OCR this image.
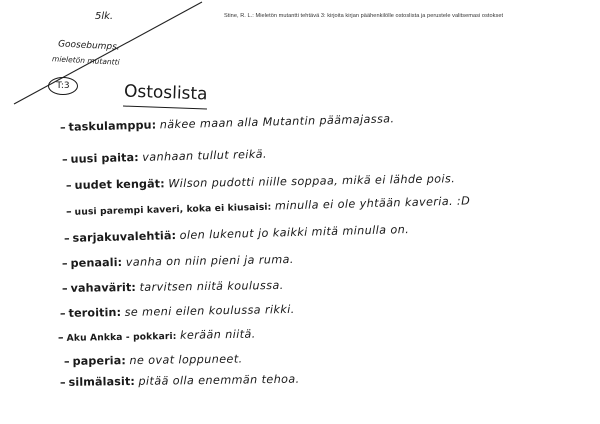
Stine, R. L.: Mieletön mutantti tehtävä 3: kirjoita kirjan päähenkilölle ostoslista ja perustele valitsemasi ostokset
5lk.
Goosebumps.
mieletön mutantti
T:3	Ostoslista
– taskulamppu: näkee maan alla Mutantin päämajassa.
– uusi paita: vanhaan tullut reikä.
– uudet kengät: Wilson pudotti niille soppaa, mikä ei lähde pois.
– uusi parempi kaveri, koka ei kiusaisi: minulla ei ole yhtään kaveria. :D
– sarjakuvalehtiä: olen lukenut jo kaikki mitä minulla on.
– penaali: vanha on niin pieni ja ruma.
– vahavärit: tarvitsen niitä koulussa.
– teroitin: se meni eilen koulussa rikki.
– Aku Ankka - pokkari: kerään niitä.
– paperia: ne ovat loppuneet.
– silmälasit: pitää olla enemmän tehoa.
